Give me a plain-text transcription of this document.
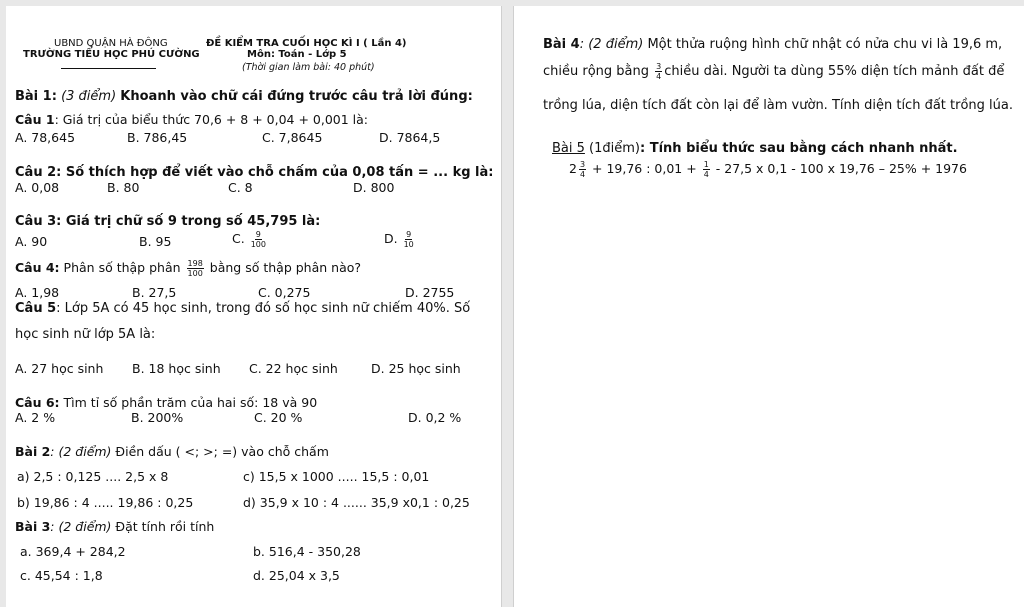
UBND QUẬN HÀ ĐÔNG
TRƯỜNG TIỂU HỌC PHÚ CƯỜNG
ĐỀ KIỂM TRA CUỐI HỌC KÌ I ( Lần 4)
Môn: Toán - Lớp 5
(Thời gian làm bài: 40 phút)
Bài 1: (3 điểm) Khoanh vào chữ cái đứng trước câu trả lời đúng:
Câu 1: Giá trị của biểu thức 70,6 + 8 + 0,04 + 0,001 là:
A. 78,645	B. 786,45	C. 7,8645	D. 7864,5
Câu 2: Số thích hợp để viết vào chỗ chấm của 0,08 tấn = ... kg là:
A. 0,08	B. 80	C. 8	D. 800
Câu 3: Giá trị chữ số 9 trong số 45,795 là:
A. 90	B. 95	C. $\frac{9}{100}$	D. $\frac{9}{10}$
Câu 4: Phân số thập phân $\frac{198}{100}$ bằng số thập phân nào?
A. 1,98	B. 27,5	C. 0,275	D. 2755
Câu 5: Lớp 5A có 45 học sinh, trong đó số học sinh nữ chiếm 40%. Số
học sinh nữ lớp 5A là:
A. 27 học sinh B. 18 học sinh C. 22 học sinh	D. 25 học sinh
Câu 6: Tìm tỉ số phần trăm của hai số: 18 và 90
A. 2 %	B. 200%	C. 20 %	D. 0,2 %
Bài 2: (2 điểm) Điền dấu ( <; >; =) vào chỗ chấm
a) 2,5 : 0,125 .... 2,5 x 8	c) 15,5 x 1000 ..... 15,5 : 0,01
b) 19,86 : 4 ..... 19,86 : 0,25	d) 35,9 x 10 : 4 ...... 35,9 x0,1 : 0,25
Bài 3: (2 điểm) Đặt tính rồi tính
a. 369,4 + 284,2	b. 516,4 - 350,28
c. 45,54 : 1,8	d. 25,04 x 3,5
Bài 4: (2 điểm) Một thửa ruộng hình chữ nhật có nửa chu vi là 19,6 m,
chiều rộng bằng $\frac{3}{4}$ chiều dài. Người ta dùng 55% diện tích mảnh đất để
trồng lúa, diện tích đất còn lại để làm vườn. Tính diện tích đất trồng lúa.
Bài 5 (1điểm): Tính biểu thức sau bằng cách nhanh nhất.
$2 \frac{3}{4} + 19,76$ : $0,01 + \frac{1}{4} - 27,5$ x 0,1 - 100 x 19,76 – 25% + 1976
